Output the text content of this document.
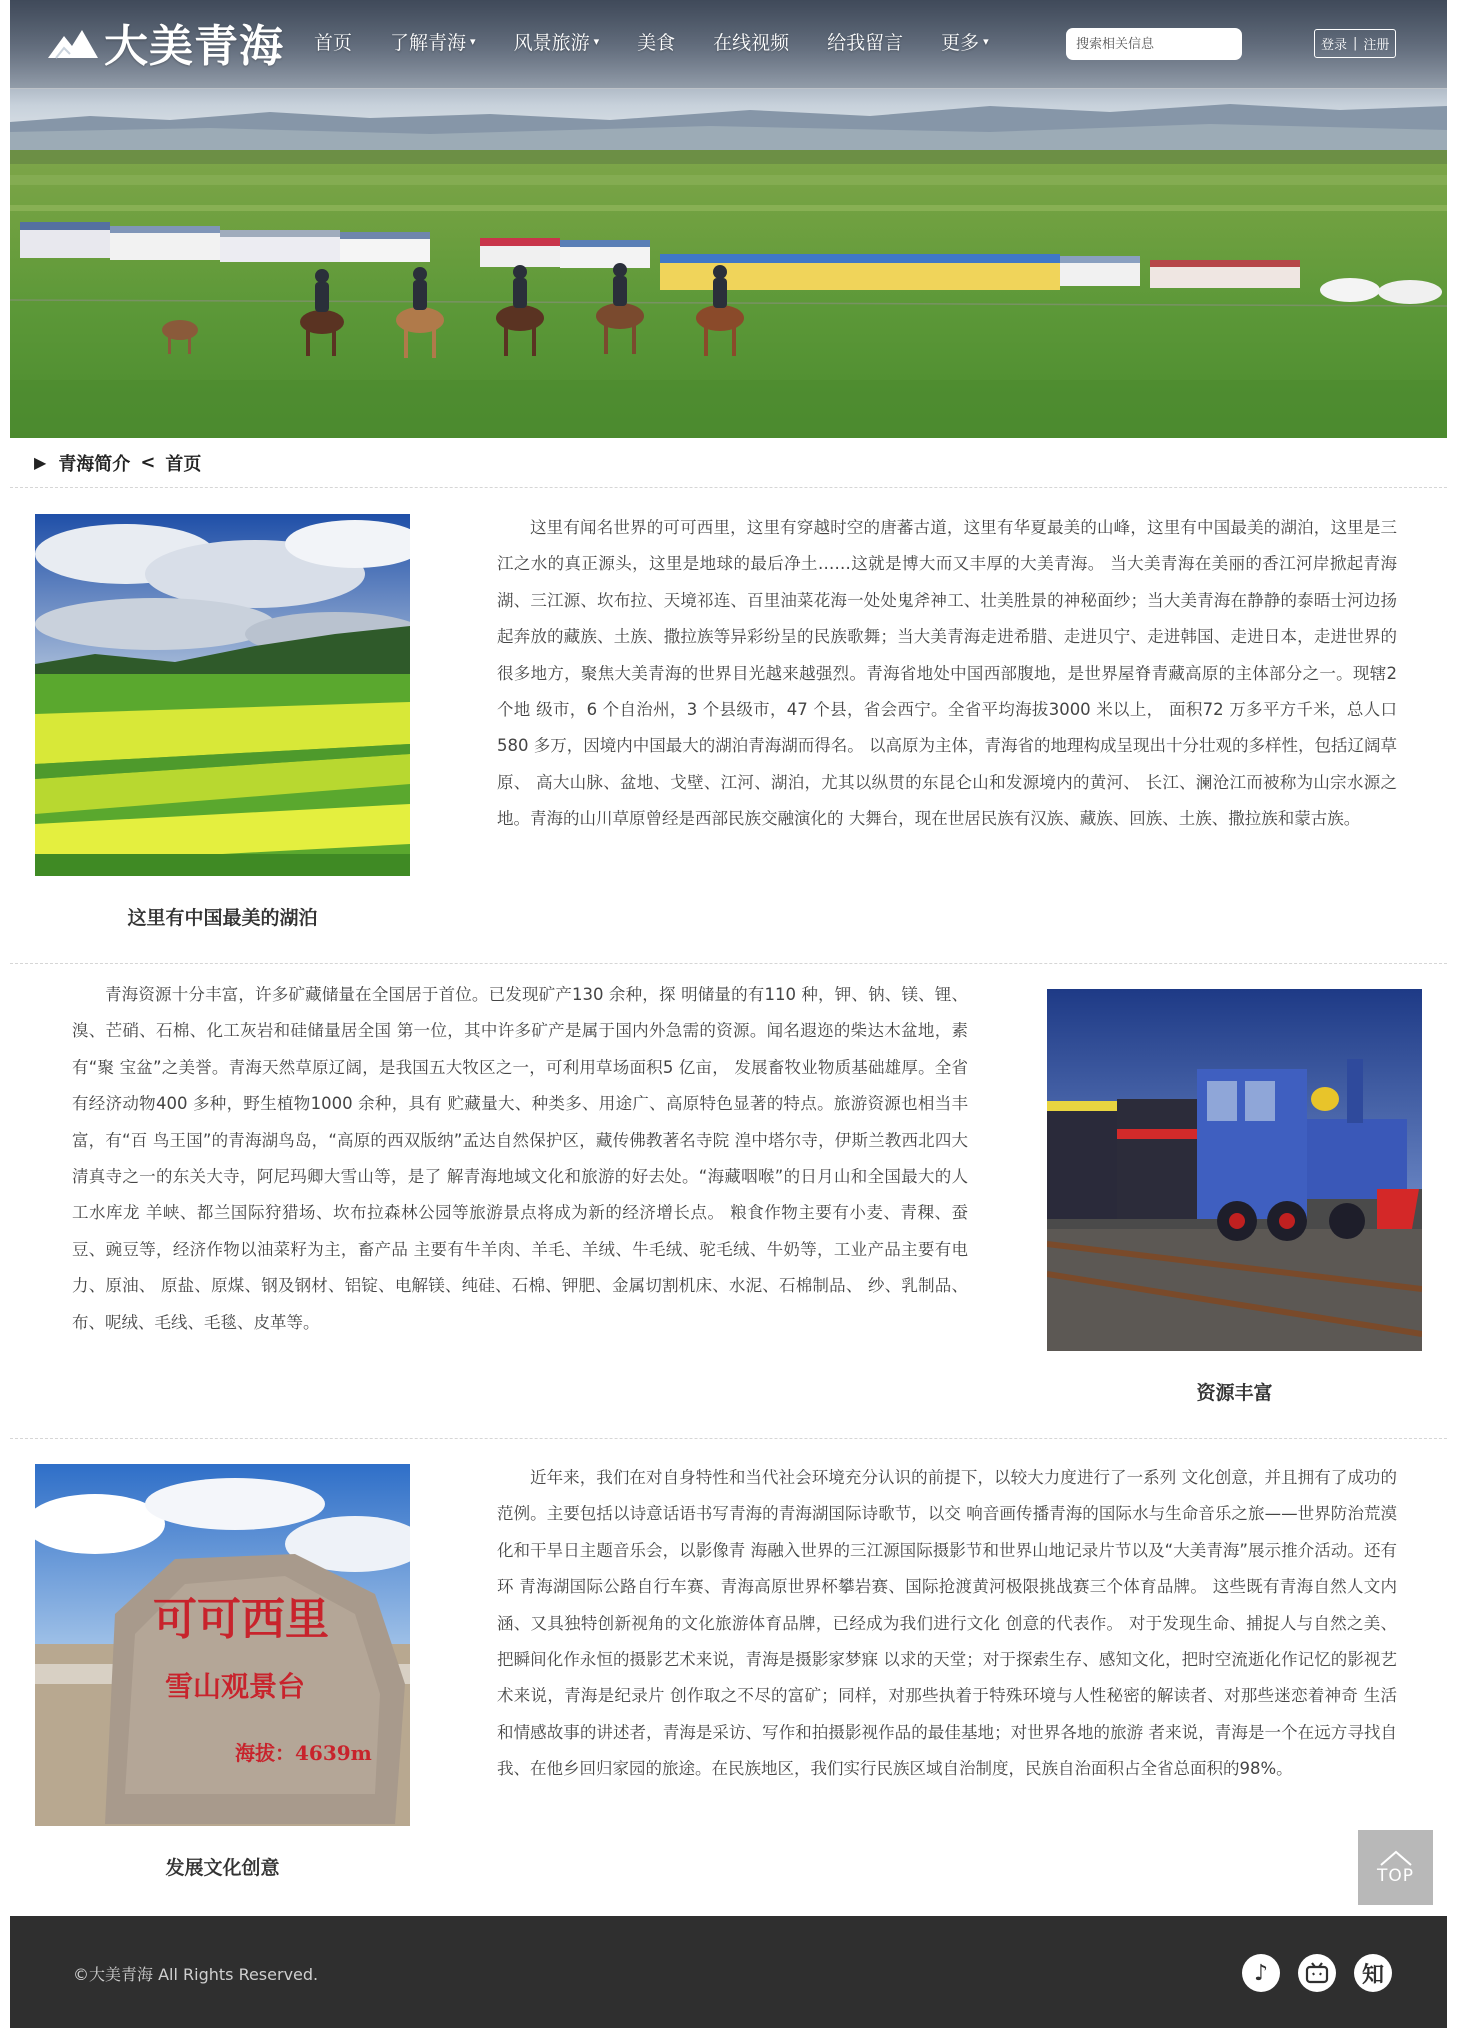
大美青海 首页 了解青海 ▾ 风景旅游 ▾ 美食 在线视频 给我留言 更多 ▾
搜索相关信息	登录 | 注册
▶ 青海简介 < 首页
这里有中国最美的湖泊

这里有闻名世界的可可西里，这里有穿越时空的唐蕃古道，这里有华夏最美的山峰，这里有中国最美的湖泊，这里是三江之水的真正源头，这里是地球的最后净土……这就是博大而又丰厚的大美青海。 当大美青海在美丽的香江河岸掀起青海湖、三江源、坎布拉、天境祁连、百里油菜花海一处处鬼斧神工、壮美胜景的神秘面纱；当大美青海在静静的泰晤士河边扬起奔放的藏族、土族、撒拉族等异彩纷呈的民族歌舞；当大美青海走进希腊、走进贝宁、走进韩国、走进日本，走进世界的很多地方，聚焦大美青海的世界目光越来越强烈。青海省地处中国西部腹地，是世界屋脊青藏高原的主体部分之一。现辖2 个地 级市，6 个自治州，3 个县级市，47 个县，省会西宁。全省平均海拔3000 米以上， 面积72 万多平方千米，总人口580 多万，因境内中国最大的湖泊青海湖而得名。 以高原为主体，青海省的地理构成呈现出十分壮观的多样性，包括辽阔草原、 高大山脉、盆地、戈壁、江河、湖泊，尤其以纵贯的东昆仑山和发源境内的黄河、 长江、澜沧江而被称为山宗水源之地。青海的山川草原曾经是西部民族交融演化的 大舞台，现在世居民族有汉族、藏族、回族、土族、撒拉族和蒙古族。

青海资源十分丰富，许多矿藏储量在全国居于首位。已发现矿产130 余种，探 明储量的有110 种，钾、钠、镁、锂、溴、芒硝、石棉、化工灰岩和硅储量居全国 第一位，其中许多矿产是属于国内外急需的资源。闻名遐迩的柴达木盆地，素有“聚 宝盆”之美誉。青海天然草原辽阔，是我国五大牧区之一，可利用草场面积5 亿亩， 发展畜牧业物质基础雄厚。全省有经济动物400 多种，野生植物1000 余种，具有 贮藏量大、种类多、用途广、高原特色显著的特点。旅游资源也相当丰富，有“百 鸟王国”的青海湖鸟岛，“高原的西双版纳”孟达自然保护区，藏传佛教著名寺院 湟中塔尔寺，伊斯兰教西北四大清真寺之一的东关大寺，阿尼玛卿大雪山等，是了 解青海地域文化和旅游的好去处。“海藏咽喉”的日月山和全国最大的人工水库龙 羊峡、都兰国际狩猎场、坎布拉森林公园等旅游景点将成为新的经济增长点。 粮食作物主要有小麦、青稞、蚕豆、豌豆等，经济作物以油菜籽为主，畜产品 主要有牛羊肉、羊毛、羊绒、牛毛绒、驼毛绒、牛奶等，工业产品主要有电力、原油、 原盐、原煤、钢及钢材、铝锭、电解镁、纯硅、石棉、钾肥、金属切割机床、水泥、石棉制品、 纱、乳制品、布、呢绒、毛线、毛毯、皮革等。

资源丰富
可可西里
雪山观景台
海拔：4639m
发展文化创意

近年来，我们在对自身特性和当代社会环境充分认识的前提下，以较大力度进行了一系列 文化创意，并且拥有了成功的范例。主要包括以诗意话语书写青海的青海湖国际诗歌节，以交 响音画传播青海的国际水与生命音乐之旅——世界防治荒漠化和干旱日主题音乐会，以影像青 海融入世界的三江源国际摄影节和世界山地记录片节以及“大美青海”展示推介活动。还有环 青海湖国际公路自行车赛、青海高原世界杯攀岩赛、国际抢渡黄河极限挑战赛三个体育品牌。 这些既有青海自然人文内涵、又具独特创新视角的文化旅游体育品牌，已经成为我们进行文化 创意的代表作。 对于发现生命、捕捉人与自然之美、把瞬间化作永恒的摄影艺术来说，青海是摄影家梦寐 以求的天堂；对于探索生存、感知文化，把时空流逝化作记忆的影视艺术来说，青海是纪录片 创作取之不尽的富矿；同样，对那些执着于特殊环境与人性秘密的解读者、对那些迷恋着神奇 生活和情感故事的讲述者，青海是采访、写作和拍摄影视作品的最佳基地；对世界各地的旅游 者来说，青海是一个在远方寻找自我、在他乡回归家园的旅途。在民族地区，我们实行民族区域自治制度，民族自治面积占全省总面积的98%。

TOP
©大美青海 All Rights Reserved.	♪	知
